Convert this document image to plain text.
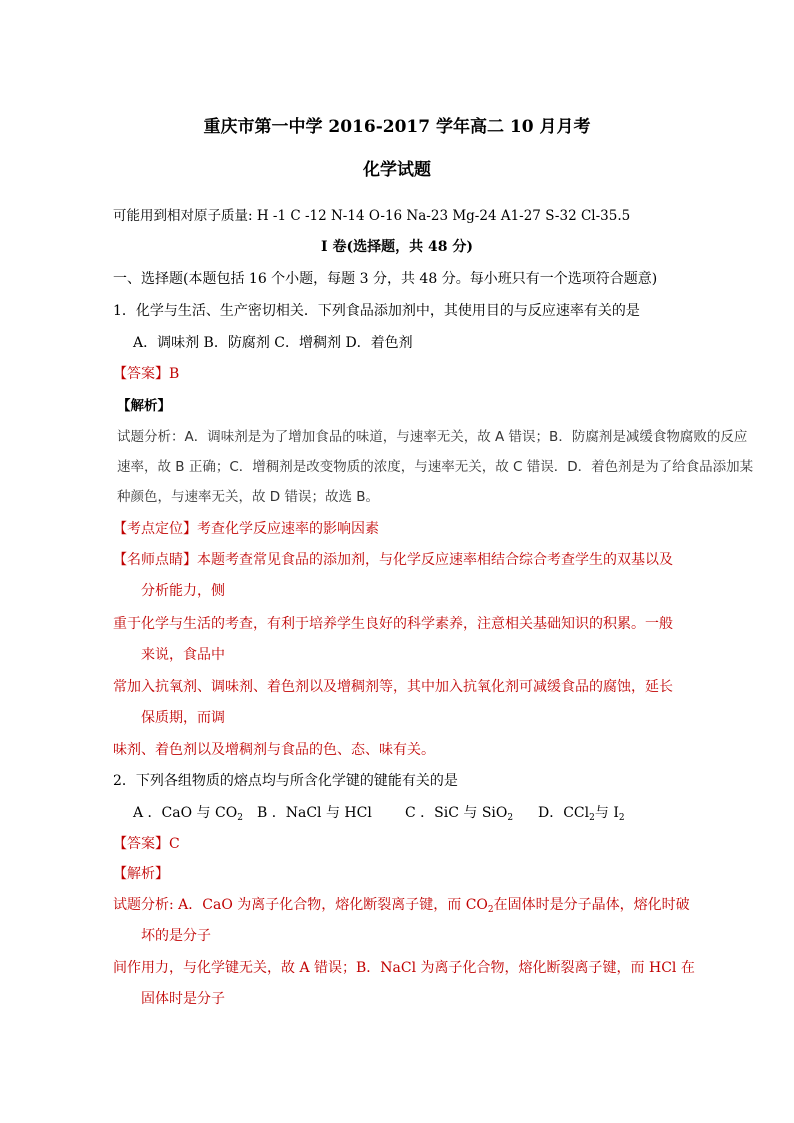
重庆市第一中学 2016-2017 学年高二 10 月月考
化学试题
可能用到相对原子质量: H -1 C -12 N-14 O-16 Na-23 Mg-24 A1-27 S-32 Cl-35.5
I 卷(选择题，共 48 分)
一、选择题(本题包括 16 个小题，每题 3 分，共 48 分。每小班只有一个选项符合题意)
1．化学与生活、生产密切相关．下列食品添加剂中，其使用目的与反应速率有关的是
A．调味剂 B．防腐剂 C．增稠剂 D．着色剂
【答案】B
【解析】
试题分析：A．调味剂是为了增加食品的味道，与速率无关，故 A 错误；B．防腐剂是减缓食物腐败的反应
速率，故 B 正确；C．增稠剂是改变物质的浓度，与速率无关，故 C 错误．D．着色剂是为了给食品添加某
种颜色，与速率无关，故 D 错误；故选 B。
【考点定位】考查化学反应速率的影响因素
【名师点睛】本题考查常见食品的添加剂，与化学反应速率相结合综合考查学生的双基以及
分析能力，侧
重于化学与生活的考查，有利于培养学生良好的科学素养，注意相关基础知识的积累。一般
来说，食品中
常加入抗氧剂、调味剂、着色剂以及增稠剂等，其中加入抗氧化剂可减缓食品的腐蚀，延长
保质期，而调
味剂、着色剂以及增稠剂与食品的色、态、味有关。
2．下列各组物质的熔点均与所含化学键的键能有关的是
A ．CaO 与 $CO_2$ B ．NaCl 与 HCl C ．SiC 与 SiO$_2$ D．CCl$_2$与 $I_2$
【答案】C
【解析】
试题分析: A．CaO 为离子化合物，熔化断裂离子键，而 $CO_2$在固体时是分子晶体，熔化时破
坏的是分子
间作用力，与化学键无关，故 A 错误；B．NaCl 为离子化合物，熔化断裂离子键，而 HCl 在
固体时是分子
